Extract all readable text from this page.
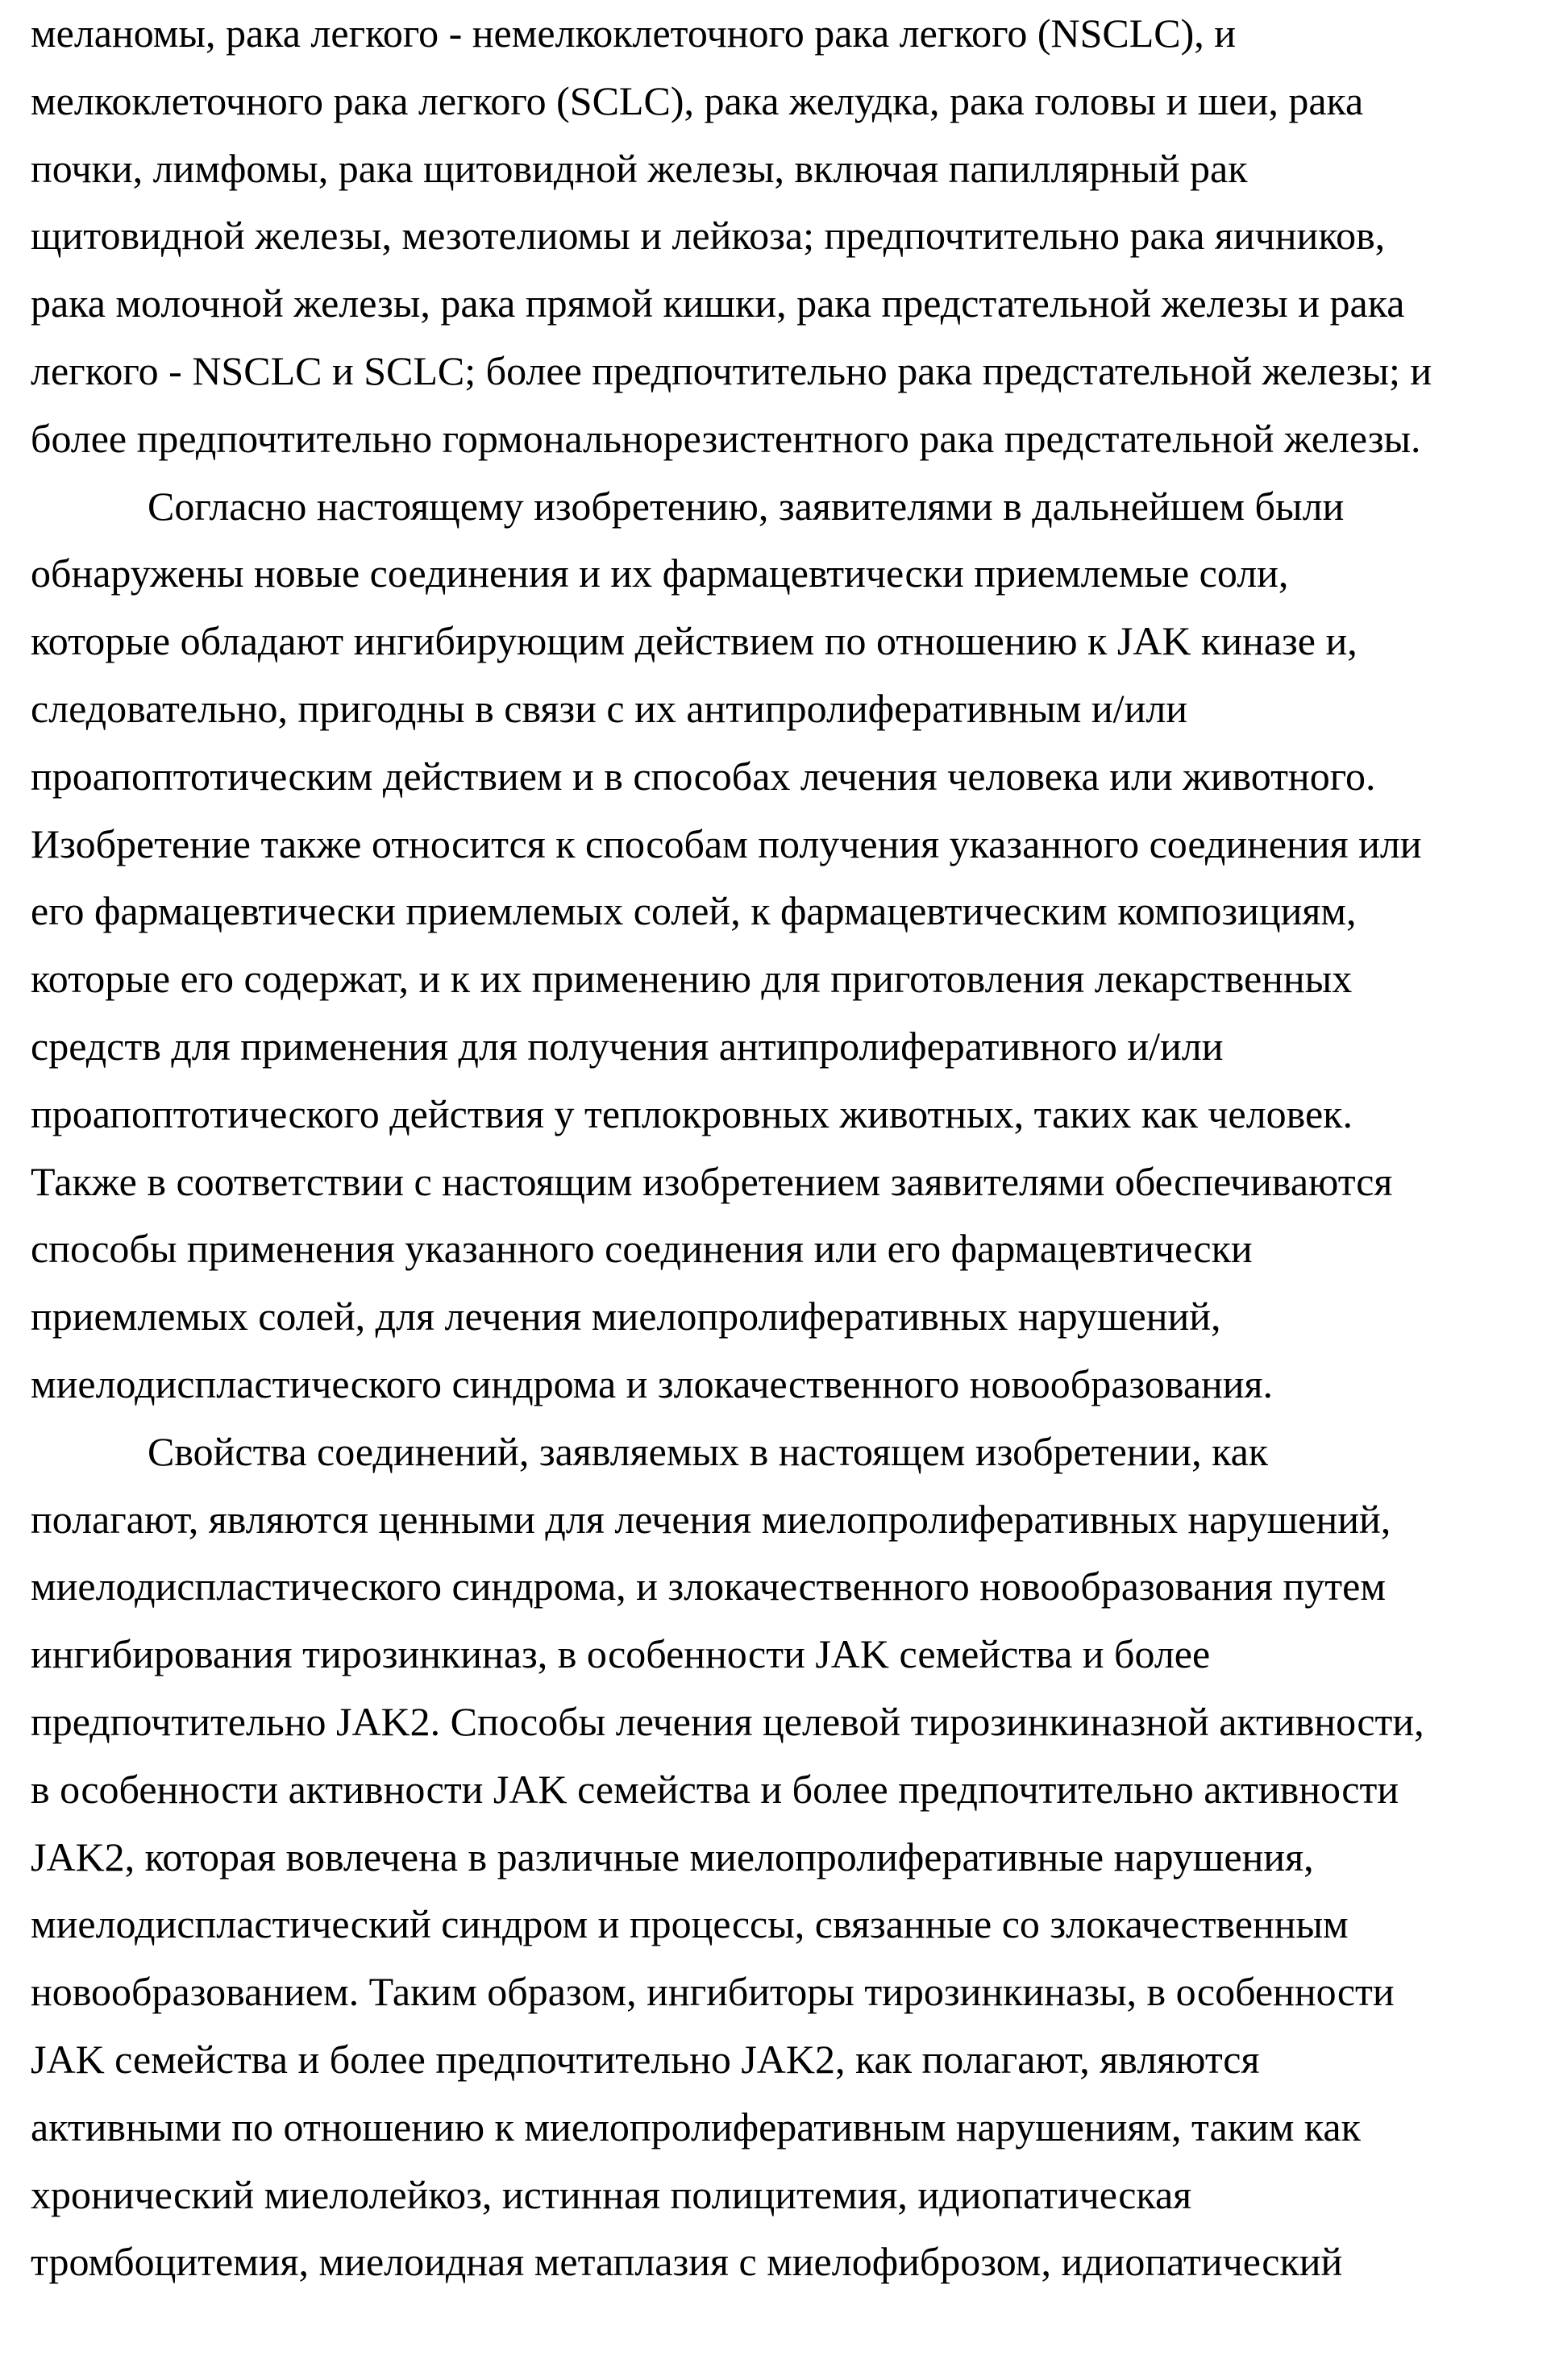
меланомы, рака легкого - немелкоклеточного рака легкого (NSCLC), и
мелкоклеточного рака легкого (SCLC), рака желудка, рака головы и шеи, рака
почки, лимфомы, рака щитовидной железы, включая папиллярный рак
щитовидной железы, мезотелиомы и лейкоза; предпочтительно рака яичников,
рака молочной железы, рака прямой кишки, рака предстательной железы и рака
легкого - NSCLC и SCLC; более предпочтительно рака предстательной железы; и
более предпочтительно гормональнорезистентного рака предстательной железы.
Согласно настоящему изобретению, заявителями в дальнейшем были
обнаружены новые соединения и их фармацевтически приемлемые соли,
которые обладают ингибирующим действием по отношению к JAK киназе и,
следовательно, пригодны в связи с их антипролиферативным и/или
проапоптотическим действием и в способах лечения человека или животного.
Изобретение также относится к способам получения указанного соединения или
его фармацевтически приемлемых солей, к фармацевтическим композициям,
которые его содержат, и к их применению для приготовления лекарственных
средств для применения для получения антипролиферативного и/или
проапоптотического действия у теплокровных животных, таких как человек.
Также в соответствии с настоящим изобретением заявителями обеспечиваются
способы применения указанного соединения или его фармацевтически
приемлемых солей, для лечения миелопролиферативных нарушений,
миелодиспластического синдрома и злокачественного новообразования.
Свойства соединений, заявляемых в настоящем изобретении, как
полагают, являются ценными для лечения миелопролиферативных нарушений,
миелодиспластического синдрома, и злокачественного новообразования путем
ингибирования тирозинкиназ, в особенности JAK семейства и более
предпочтительно JAK2. Способы лечения целевой тирозинкиназной активности,
в особенности активности JAK семейства и более предпочтительно активности
JAK2, которая вовлечена в различные миелопролиферативные нарушения,
миелодиспластический синдром и процессы, связанные со злокачественным
новообразованием. Таким образом, ингибиторы тирозинкиназы, в особенности
JAK семейства и более предпочтительно JAK2, как полагают, являются
активными по отношению к миелопролиферативным нарушениям, таким как
хронический миелолейкоз, истинная полицитемия, идиопатическая
тромбоцитемия, миелоидная метаплазия с миелофиброзом, идиопатический
